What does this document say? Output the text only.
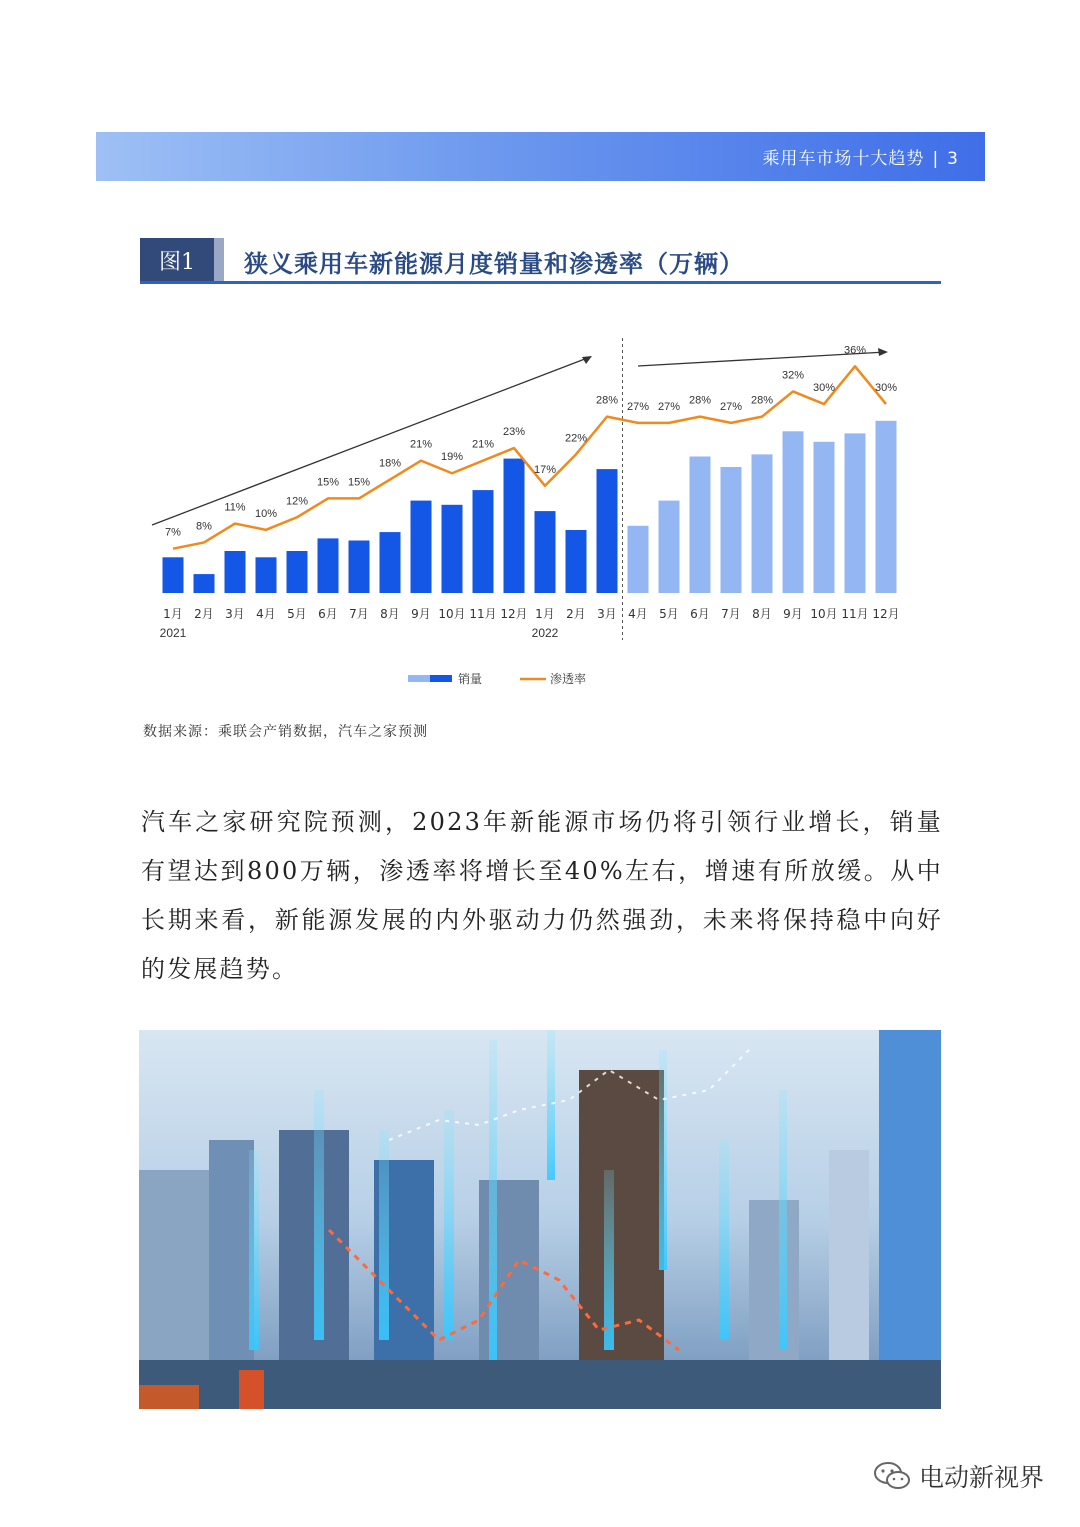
乘用车市场十大趋势 | 3
图1	狭义乘用车新能源月度销量和渗透率（万辆）
7%
8%
11%
10%
12%
15% 15%
18%
21%
19%
21%
23%
17%
22%
28%
27% 27%
28%
27%
28%
32%
30%
36%
30%
1月 2月 3月 4月 5月 6月 7月 8月 9月 10月 11月 12月 1月 2月 3月 4月 5月 6月 7月 8月 9月 10月 11月 12月
2021	2022
销量	渗透率
数据来源：乘联会产销数据，汽车之家预测

汽车之家研究院预测，2023年新能源市场仍将引领行业增长，销量有望达到800万辆，渗透率将增长至40%左右，增速有所放缓。从中长期来看，新能源发展的内外驱动力仍然强劲，未来将保持稳中向好的发展趋势。

电动新视界
